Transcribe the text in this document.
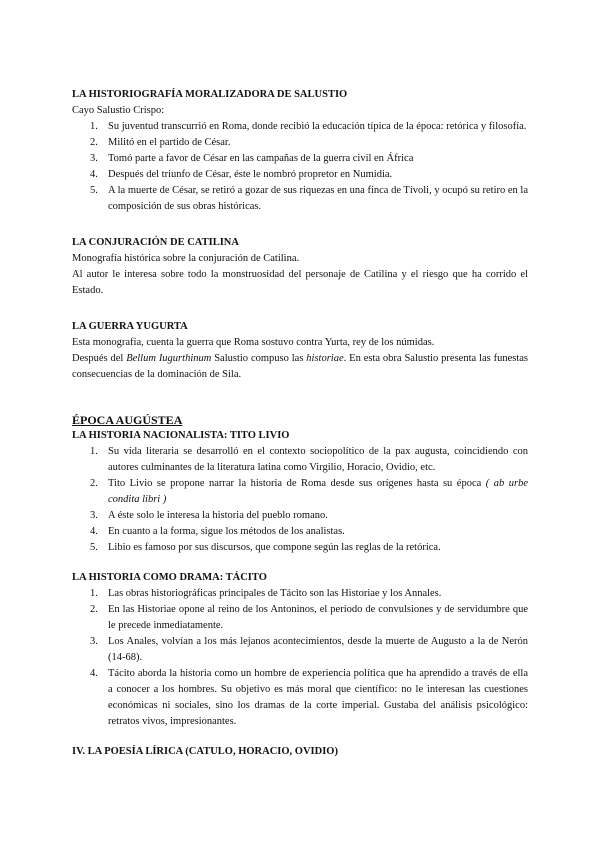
LA HISTORIOGRAFÍA MORALIZADORA DE SALUSTIO

Cayo Salustio Crispo:

1. Su juventud transcurrió en Roma, donde recibió la educación típica de la época: retórica y filosofía.
2. Militó en el partido de César.
3. Tomó parte a favor de César en las campañas de la guerra civil en África
4. Después del triunfo de César, éste le nombró propretor en Numidia.
5. A la muerte de César, se retiró a gozar de sus riquezas en una finca de Tívoli, y ocupó su retiro en la composición de sus obras históricas.
LA CONJURACIÓN DE CATILINA

Monografía histórica sobre la conjuración de Catilina.

Al autor le interesa sobre todo la monstruosidad del personaje de Catilina y el riesgo que ha corrido el Estado.

LA GUERRA YUGURTA

Esta monografía, cuenta la guerra que Roma sostuvo contra Yurta, rey de los númidas.

Después del Bellum Iugurthinum Salustio compuso las historiae. En esta obra Salustio presenta las funestas consecuencias de la dominación de Sila.

ÉPOCA AUGÚSTEA
LA HISTORIA NACIONALISTA: TITO LIVIO
1. Su vida literaria se desarrolló en el contexto sociopolítico de la pax augusta, coincidiendo con autores culminantes de la literatura latina como Virgilio, Horacio, Ovidio, etc.
2. Tito Livio se propone narrar la historia de Roma desde sus orígenes hasta su época ( ab urbe condita libri )
3. A éste solo le interesa la historia del pueblo romano.
4. En cuanto a la forma, sigue los métodos de los analistas.
5. Libio es famoso por sus discursos, que compone según las reglas de la retórica.
LA HISTORIA COMO DRAMA: TÁCITO
1. Las obras historiográficas principales de Tácito son las Historiae y los Annales.
2. En las Historiae opone al reino de los Antoninos, el periodo de convulsiones y de servidumbre que le precede inmediatamente.
3. Los Anales, volvían a los más lejanos acontecimientos, desde la muerte de Augusto a la de Nerón (14-68).
4. Tácito aborda la historia como un hombre de experiencia política que ha aprendido a través de ella a conocer a los hombres. Su objetivo es más moral que científico: no le interesan las cuestiones económicas ni sociales, sino los dramas de la corte imperial. Gustaba del análisis psicológico: retratos vivos, impresionantes.
IV. LA POESÍA LÍRICA (CATULO, HORACIO, OVIDIO)
